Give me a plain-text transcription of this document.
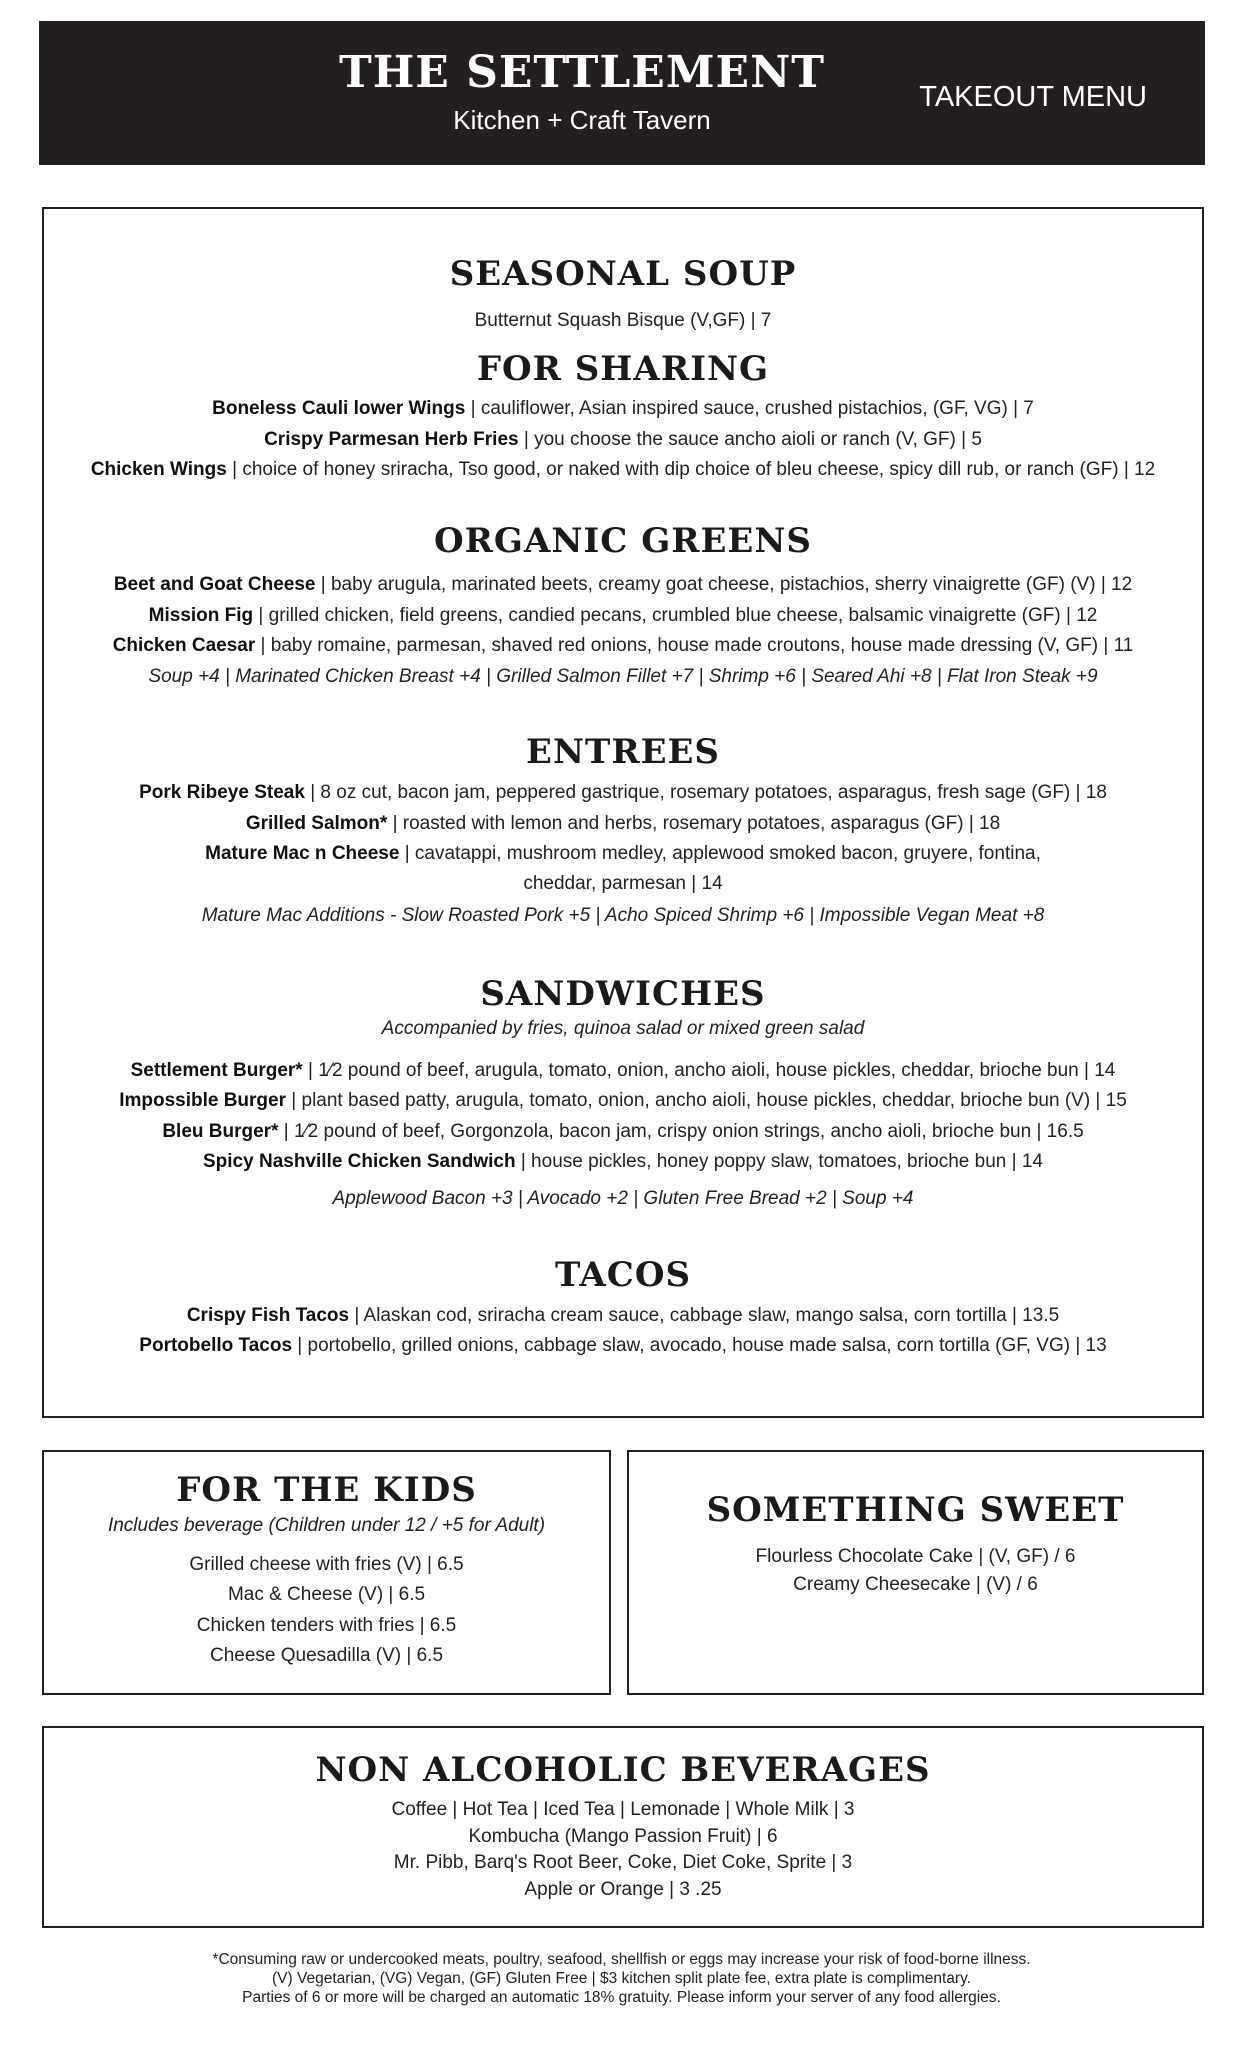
THE SETTLEMENT
Kitchen + Craft Tavern
TAKEOUT MENU
SEASONAL SOUP
Butternut Squash Bisque (V,GF) | 7
FOR SHARING
Boneless Cauli lower Wings | cauliflower, Asian inspired sauce, crushed pistachios, (GF, VG) | 7
Crispy Parmesan Herb Fries | you choose the sauce ancho aioli or ranch (V, GF) | 5
Chicken Wings | choice of honey sriracha, Tso good, or naked with dip choice of bleu cheese, spicy dill rub, or ranch (GF) | 12
ORGANIC GREENS
Beet and Goat Cheese | baby arugula, marinated beets, creamy goat cheese, pistachios, sherry vinaigrette (GF) (V) | 12
Mission Fig | grilled chicken, field greens, candied pecans, crumbled blue cheese, balsamic vinaigrette (GF) | 12
Chicken Caesar | baby romaine, parmesan, shaved red onions, house made croutons, house made dressing (V, GF) | 11
Soup +4 | Marinated Chicken Breast +4 | Grilled Salmon Fillet +7 | Shrimp +6 | Seared Ahi +8 | Flat Iron Steak +9
ENTREES
Pork Ribeye Steak | 8 oz cut, bacon jam, peppered gastrique, rosemary potatoes, asparagus, fresh sage (GF) | 18
Grilled Salmon* | roasted with lemon and herbs, rosemary potatoes, asparagus (GF) | 18
Mature Mac n Cheese | cavatappi, mushroom medley, applewood smoked bacon, gruyere, fontina,
cheddar, parmesan | 14
Mature Mac Additions - Slow Roasted Pork +5 | Acho Spiced Shrimp +6 | Impossible Vegan Meat +8
SANDWICHES
Accompanied by fries, quinoa salad or mixed green salad
Settlement Burger* | 1⁄2 pound of beef, arugula, tomato, onion, ancho aioli, house pickles, cheddar, brioche bun | 14
Impossible Burger | plant based patty, arugula, tomato, onion, ancho aioli, house pickles, cheddar, brioche bun (V) | 15
Bleu Burger* | 1⁄2 pound of beef, Gorgonzola, bacon jam, crispy onion strings, ancho aioli, brioche bun | 16.5
Spicy Nashville Chicken Sandwich | house pickles, honey poppy slaw, tomatoes, brioche bun | 14
Applewood Bacon +3 | Avocado +2 | Gluten Free Bread +2 | Soup +4
TACOS
Crispy Fish Tacos | Alaskan cod, sriracha cream sauce, cabbage slaw, mango salsa, corn tortilla | 13.5
Portobello Tacos | portobello, grilled onions, cabbage slaw, avocado, house made salsa, corn tortilla (GF, VG) | 13
FOR THE KIDS
Includes beverage (Children under 12 / +5 for Adult)
Grilled cheese with fries (V) | 6.5
Mac & Cheese (V) | 6.5
Chicken tenders with fries | 6.5
Cheese Quesadilla (V) | 6.5
SOMETHING SWEET
Flourless Chocolate Cake | (V, GF) / 6
Creamy Cheesecake | (V) / 6
NON ALCOHOLIC BEVERAGES
Coffee | Hot Tea | Iced Tea | Lemonade | Whole Milk | 3
Kombucha (Mango Passion Fruit) | 6
Mr. Pibb, Barq's Root Beer, Coke, Diet Coke, Sprite | 3
Apple or Orange | 3 .25
*Consuming raw or undercooked meats, poultry, seafood, shellfish or eggs may increase your risk of food-borne illness.
(V) Vegetarian, (VG) Vegan, (GF) Gluten Free | $3 kitchen split plate fee, extra plate is complimentary.
Parties of 6 or more will be charged an automatic 18% gratuity. Please inform your server of any food allergies.
